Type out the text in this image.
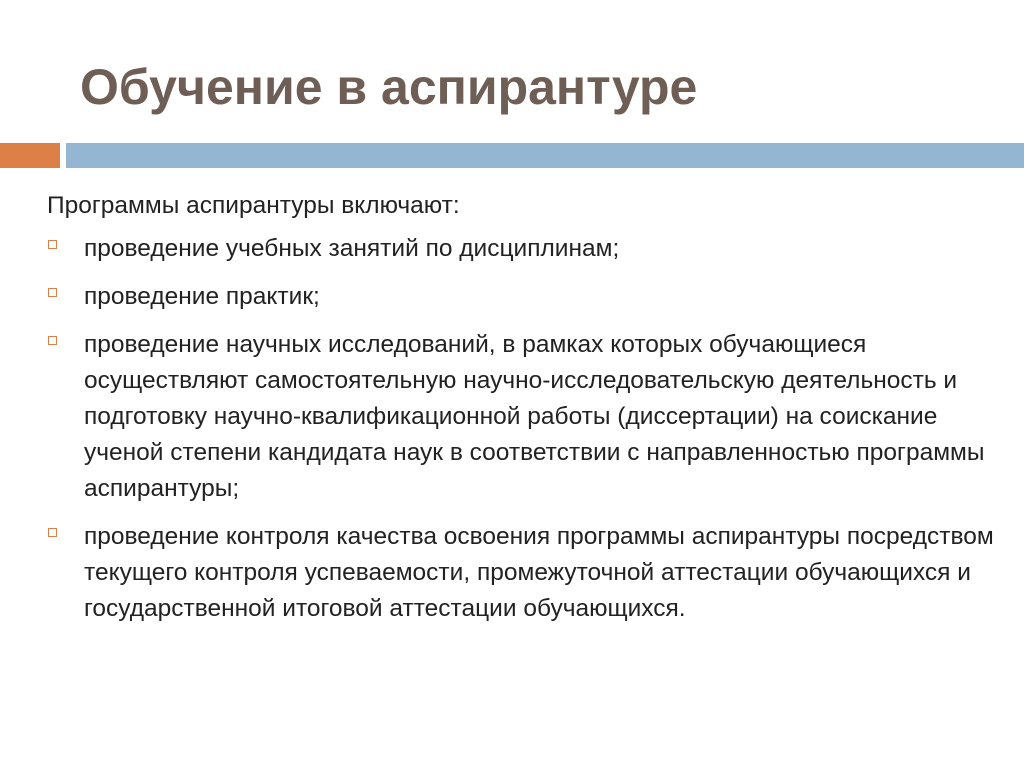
Обучение в аспирантуре
Программы аспирантуры включают:
проведение учебных занятий по дисциплинам;
проведение практик;
проведение научных исследований, в рамках которых обучающиеся осуществляют самостоятельную научно-исследовательскую деятельность и подготовку научно-квалификационной работы (диссертации) на соискание ученой степени кандидата наук в соответствии с направленностью программы аспирантуры;
проведение контроля качества освоения программы аспирантуры посредством текущего контроля успеваемости, промежуточной аттестации обучающихся и государственной итоговой аттестации обучающихся.
